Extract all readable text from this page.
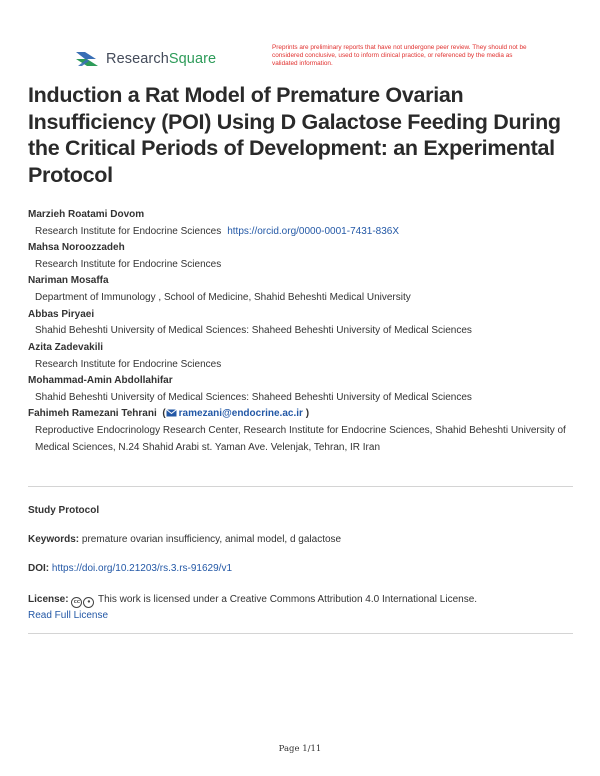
ResearchSquare
Preprints are preliminary reports that have not undergone peer review. They should not be considered conclusive, used to inform clinical practice, or referenced by the media as validated information.
Induction a Rat Model of Premature Ovarian Insufficiency (POI) Using D Galactose Feeding During the Critical Periods of Development: an Experimental Protocol
Marzieh Roatami Dovom
Research Institute for Endocrine Sciences https://orcid.org/0000-0001-7431-836X
Mahsa Noroozzadeh
Research Institute for Endocrine Sciences
Nariman Mosaffa
Department of Immunology , School of Medicine, Shahid Beheshti Medical University
Abbas Piryaei
Shahid Beheshti University of Medical Sciences: Shaheed Beheshti University of Medical Sciences
Azita Zadevakili
Research Institute for Endocrine Sciences
Mohammad-Amin Abdollahifar
Shahid Beheshti University of Medical Sciences: Shaheed Beheshti University of Medical Sciences
Fahimeh Ramezani Tehrani ( ramezani@endocrine.ac.ir )
Reproductive Endocrinology Research Center, Research Institute for Endocrine Sciences, Shahid Beheshti University of Medical Sciences, N.24 Shahid Arabi st. Yaman Ave. Velenjak, Tehran, IR Iran
Study Protocol
Keywords: premature ovarian insufficiency, animal model, d galactose
DOI: https://doi.org/10.21203/rs.3.rs-91629/v1
License: cc ● This work is licensed under a Creative Commons Attribution 4.0 International License.
Read Full License
Page 1/11
